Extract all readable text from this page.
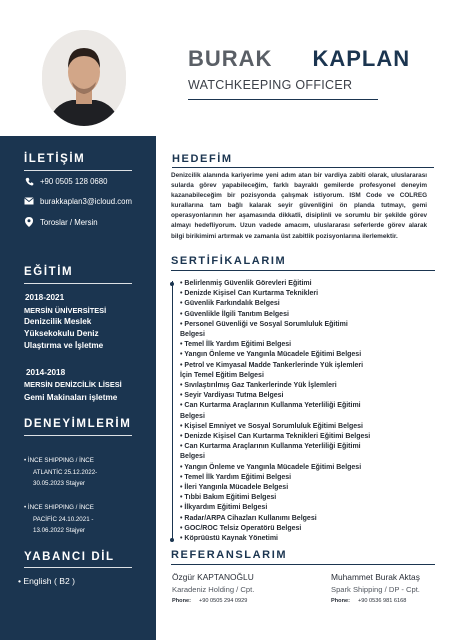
BURAK KAPLAN
WATCHKEEPING OFFICER
İLETİŞİM
+90 0505 128 0680
burakkaplan3@icloud.com
Toroslar / Mersin
EĞİTİM
2018-2021
MERSİN ÜNİVERSİTESİ
Denizcilik Meslek
Yüksekokulu Deniz
Ulaştırma ve İşletme
2014-2018
MERSİN DENİZCİLİK LİSESİ
Gemi Makinaları işletme
DENEYİMLERİM
• İNCE SHIPPING / İNCE
ATLANTİC 25.12.2022-
30.05.2023 Stajyer
• İNCE SHIPPING / İNCE
PACİFİC 24.10.2021 -
13.06.2022 Stajyer
YABANCI DİL
• English ( B2 )
HEDEFİM
Denizcilik alanında kariyerime yeni adım atan bir vardiya zabiti olarak, uluslararası sularda görev yapabileceğim, farklı bayraklı gemilerde profesyonel deneyim kazanabileceğim bir pozisyonda çalışmak istiyorum. ISM Code ve COLREG kurallarına tam bağlı kalarak seyir güvenliğini ön planda tutmayı, gemi operasyonlarının her aşamasında dikkatli, disiplinli ve sorumlu bir şekilde görev almayı hedefliyorum. Uzun vadede amacım, uluslararası seferlerde görev alarak bilgi birikimimi artırmak ve zamanla üst zabitlik pozisyonlarına ilerlemektir.
SERTİFİKALARIM
• Belirlenmiş Güvenlik Görevleri Eğitimi
• Denizde Kişisel Can Kurtarma Teknikleri
• Güvenlik Farkındalık Belgesi
• Güvenlikle İlgili Tanıtım Belgesi
• Personel Güvenliği ve Sosyal Sorumluluk Eğitimi
Belgesi
• Temel İlk Yardım Eğitimi Belgesi
• Yangın Önleme ve Yangınla Mücadele Eğitimi Belgesi
• Petrol ve Kimyasal Madde Tankerlerinde Yük işlemleri
İçin Temel Eğitim Belgesi
• Sıvılaştırılmış Gaz Tankerlerinde Yük İşlemleri
• Seyir Vardiyası Tutma Belgesi
• Can Kurtarma Araçlarının Kullanma Yeterliliği Eğitimi
Belgesi
• Kişisel Emniyet ve Sosyal Sorumluluk Eğitimi Belgesi
• Denizde Kişisel Can Kurtarma Teknikleri Eğitimi Belgesi
• Can Kurtarma Araçlarının Kullanma Yeterliliği Eğitimi
Belgesi
• Yangın Önleme ve Yangınla Mücadele Eğitimi Belgesi
• Temel İlk Yardım Eğitimi Belgesi
• İleri Yangınla Mücadele Belgesi
• Tıbbi Bakım Eğitimi Belgesi
• İlkyardım Eğitimi Belgesi
• Radar/ARPA Cihazları Kullanımı Belgesi
• GOC/ROC Telsiz Operatörü Belgesi
• Köprüüstü Kaynak Yönetimi
REFERANSLARIM
Özgür KAPTANOĞLU
Karadeniz Holding / Cpt.
Phone: +90 0505 294 0929
Muhammet Burak Aktaş
Spark Shipping / DP - Cpt.
Phone: +90 0536 981 6168
